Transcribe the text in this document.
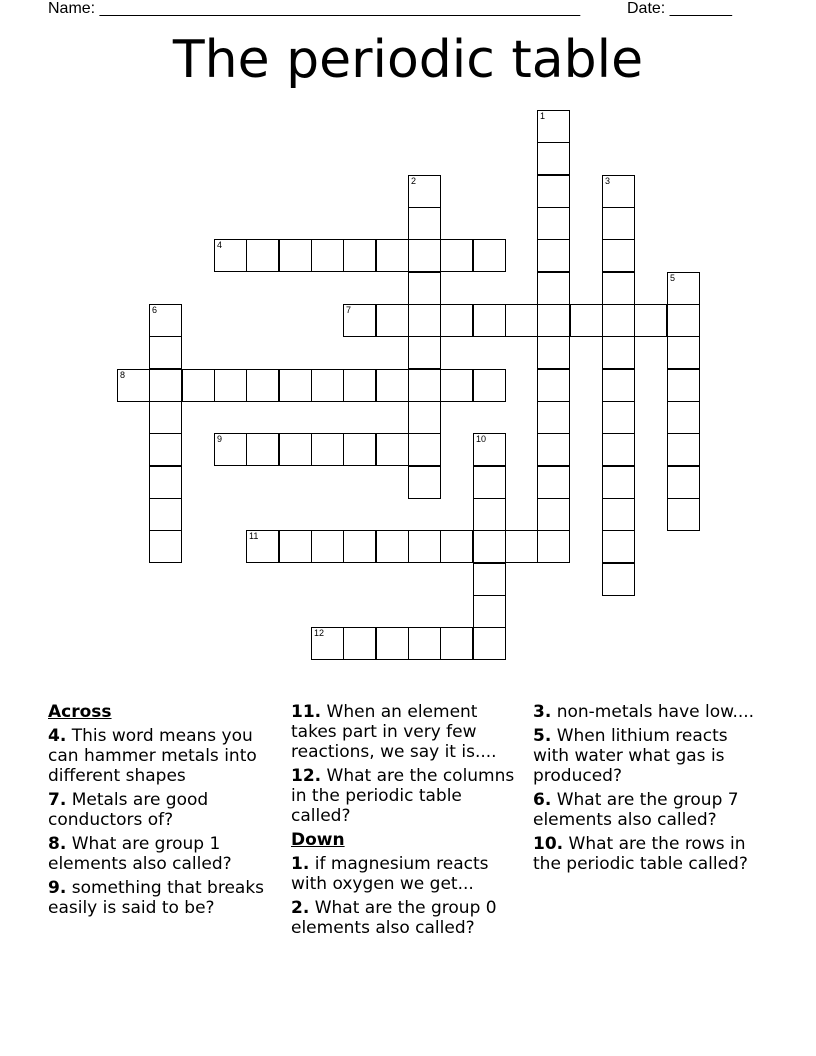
Name: ______________________________________________________	Date: _______
The periodic table
1
2	3
4
5
6	7
8
9	10
11
12
Across
4. This word means you can hammer metals into different shapes
7. Metals are good conductors of?
8. What are group 1 elements also called?
9. something that breaks easily is said to be?
11. When an element takes part in very few reactions, we say it is....
12. What are the columns in the periodic table called?
Down
1. if magnesium reacts with oxygen we get...
2. What are the group 0 elements also called?
3. non-metals have low....
5. When lithium reacts with water what gas is produced?
6. What are the group 7 elements also called?
10. What are the rows in the periodic table called?
